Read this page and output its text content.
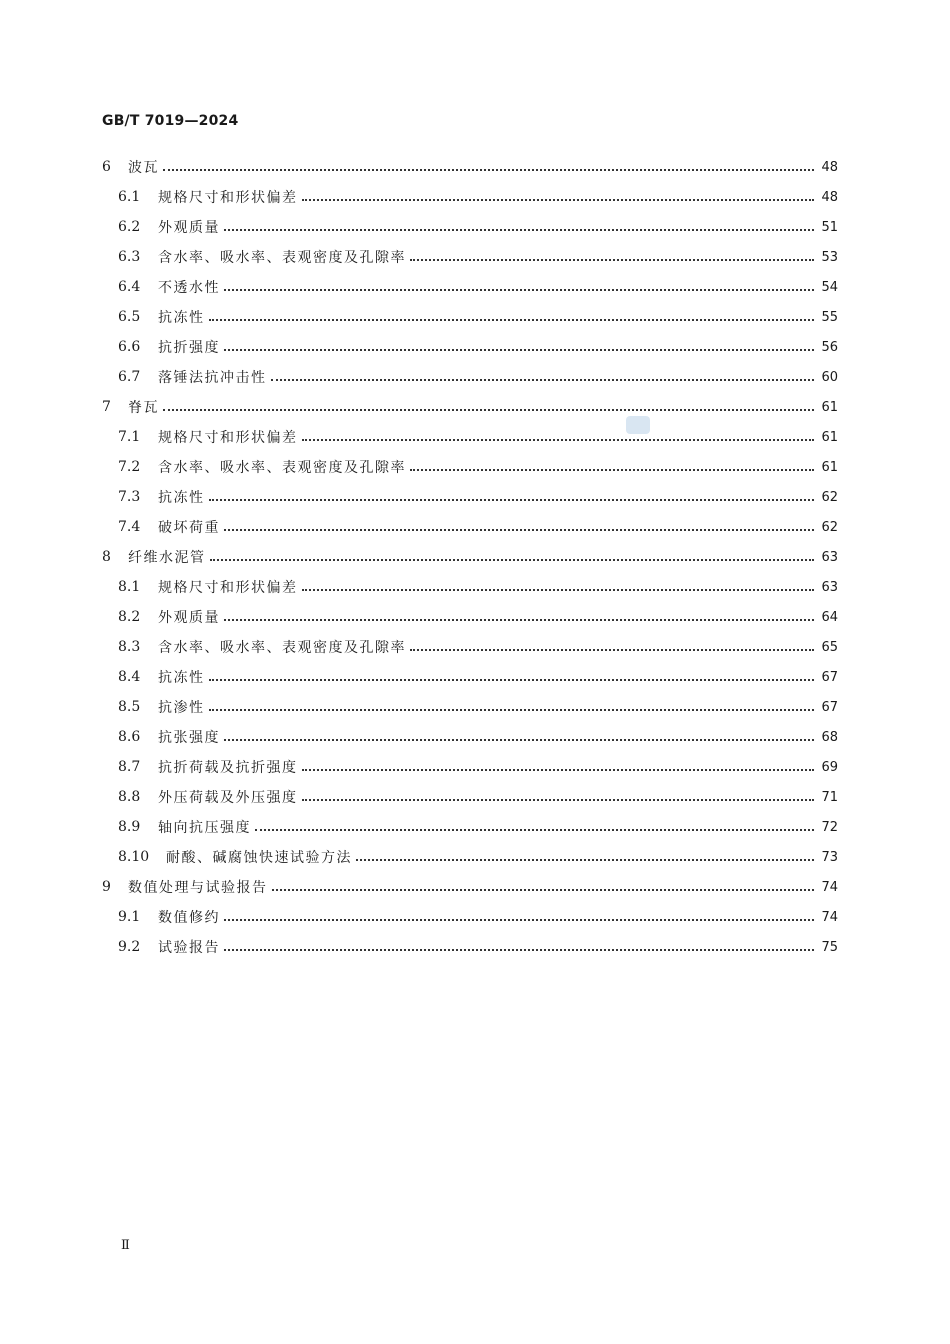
GB/T 7019—2024
6	波瓦	48
6.1	规格尺寸和形状偏差	48
6.2	外观质量	51
6.3	含水率、吸水率、表观密度及孔隙率	53
6.4	不透水性	54
6.5	抗冻性	55
6.6	抗折强度	56
6.7	落锤法抗冲击性	60
7	脊瓦	61
7.1	规格尺寸和形状偏差	61
7.2	含水率、吸水率、表观密度及孔隙率	61
7.3	抗冻性	62
7.4	破坏荷重	62
8	纤维水泥管	63
8.1	规格尺寸和形状偏差	63
8.2	外观质量	64
8.3	含水率、吸水率、表观密度及孔隙率	65
8.4	抗冻性	67
8.5	抗渗性	67
8.6	抗张强度	68
8.7	抗折荷载及抗折强度	69
8.8	外压荷载及外压强度	71
8.9	轴向抗压强度	72
8.10	耐酸、碱腐蚀快速试验方法	73
9	数值处理与试验报告	74
9.1	数值修约	74
9.2	试验报告	75
Ⅱ
